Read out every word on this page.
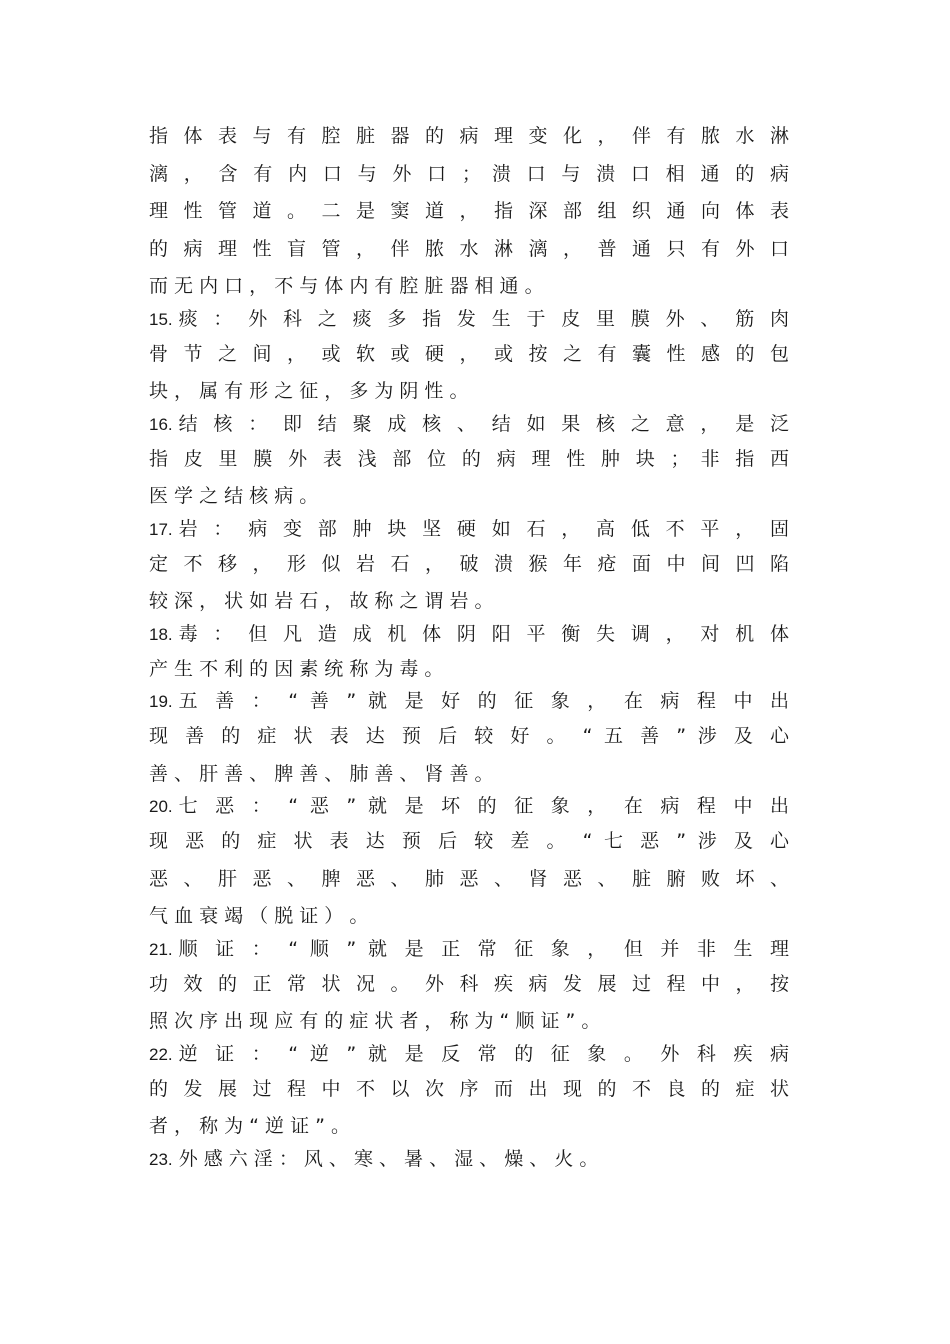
指 体 表 与 有 腔 脏 器 的 病 理 变 化 ， 伴 有 脓 水 淋
漓 ， 含 有 内 口 与 外 口 ； 溃 口 与 溃 口 相 通 的 病
理 性 管 道 。 二 是 窦 道 ， 指 深 部 组 织 通 向 体 表
的 病 理 性 盲 管 ， 伴 脓 水 淋 漓 ， 普 通 只 有 外 口
而 无 内 口 ， 不 与 体 内 有 腔 脏 器 相 通 。
15. 痰 ： 外 科 之 痰 多 指 发 生 于 皮 里 膜 外 、 筋 肉
骨 节 之 间 ， 或 软 或 硬 ， 或 按 之 有 囊 性 感 的 包
块 ， 属 有 形 之 征 ， 多 为 阴 性 。
16. 结 核 ： 即 结 聚 成 核 、 结 如 果 核 之 意 ， 是 泛
指 皮 里 膜 外 表 浅 部 位 的 病 理 性 肿 块 ； 非 指 西
医 学 之 结 核 病 。
17. 岩 ： 病 变 部 肿 块 坚 硬 如 石 ， 高 低 不 平 ， 固
定 不 移 ， 形 似 岩 石 ， 破 溃 猴 年 疮 面 中 间 凹 陷
较 深 ， 状 如 岩 石 ， 故 称 之 谓 岩 。
18. 毒 ： 但 凡 造 成 机 体 阴 阳 平 衡 失 调 ， 对 机 体
产 生 不 利 的 因 素 统 称 为 毒 。
19. 五 善 ： “ 善 ” 就 是 好 的 征 象 ， 在 病 程 中 出
现 善 的 症 状 表 达 预 后 较 好 。 “ 五 善 ” 涉 及 心
善 、 肝 善 、 脾 善 、 肺 善 、 肾 善 。
20. 七 恶 ： “ 恶 ” 就 是 坏 的 征 象 ， 在 病 程 中 出
现 恶 的 症 状 表 达 预 后 较 差 。 “ 七 恶 ” 涉 及 心
恶 、 肝 恶 、 脾 恶 、 肺 恶 、 肾 恶 、 脏 腑 败 坏 、
气 血 衰 竭 （ 脱 证 ） 。
21. 顺 证 ： “ 顺 ” 就 是 正 常 征 象 ， 但 并 非 生 理
功 效 的 正 常 状 况 。 外 科 疾 病 发 展 过 程 中 ， 按
照 次 序 出 现 应 有 的 症 状 者 ， 称 为 “ 顺 证 ” 。
22. 逆 证 ： “ 逆 ” 就 是 反 常 的 征 象 。 外 科 疾 病
的 发 展 过 程 中 不 以 次 序 而 出 现 的 不 良 的 症 状
者 ， 称 为 “ 逆 证 ” 。
23. 外 感 六 淫 ： 风 、 寒 、 暑 、 湿 、 燥 、 火 。
